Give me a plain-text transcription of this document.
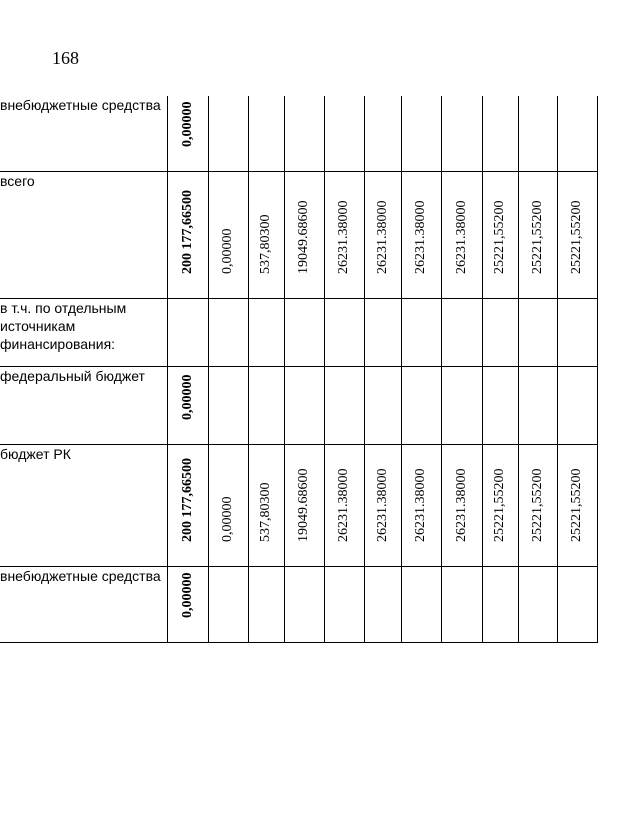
168
внебюджетные средства	0,00000										

всего	200 177,66500	0,00000	537,80300	19049.68600	26231.38000	26231.38000	26231.38000	26231.38000	25221,55200	25221,55200	25221,55200

в т.ч. по отдельным источникам финансирования:	

федеральный бюджет	0,00000										

бюджет РК	200 177,66500	0,00000	537,80300	19049.68600	26231.38000	26231.38000	26231.38000	26231.38000	25221,55200	25221,55200	25221,55200

внебюджетные средства	0,00000										
